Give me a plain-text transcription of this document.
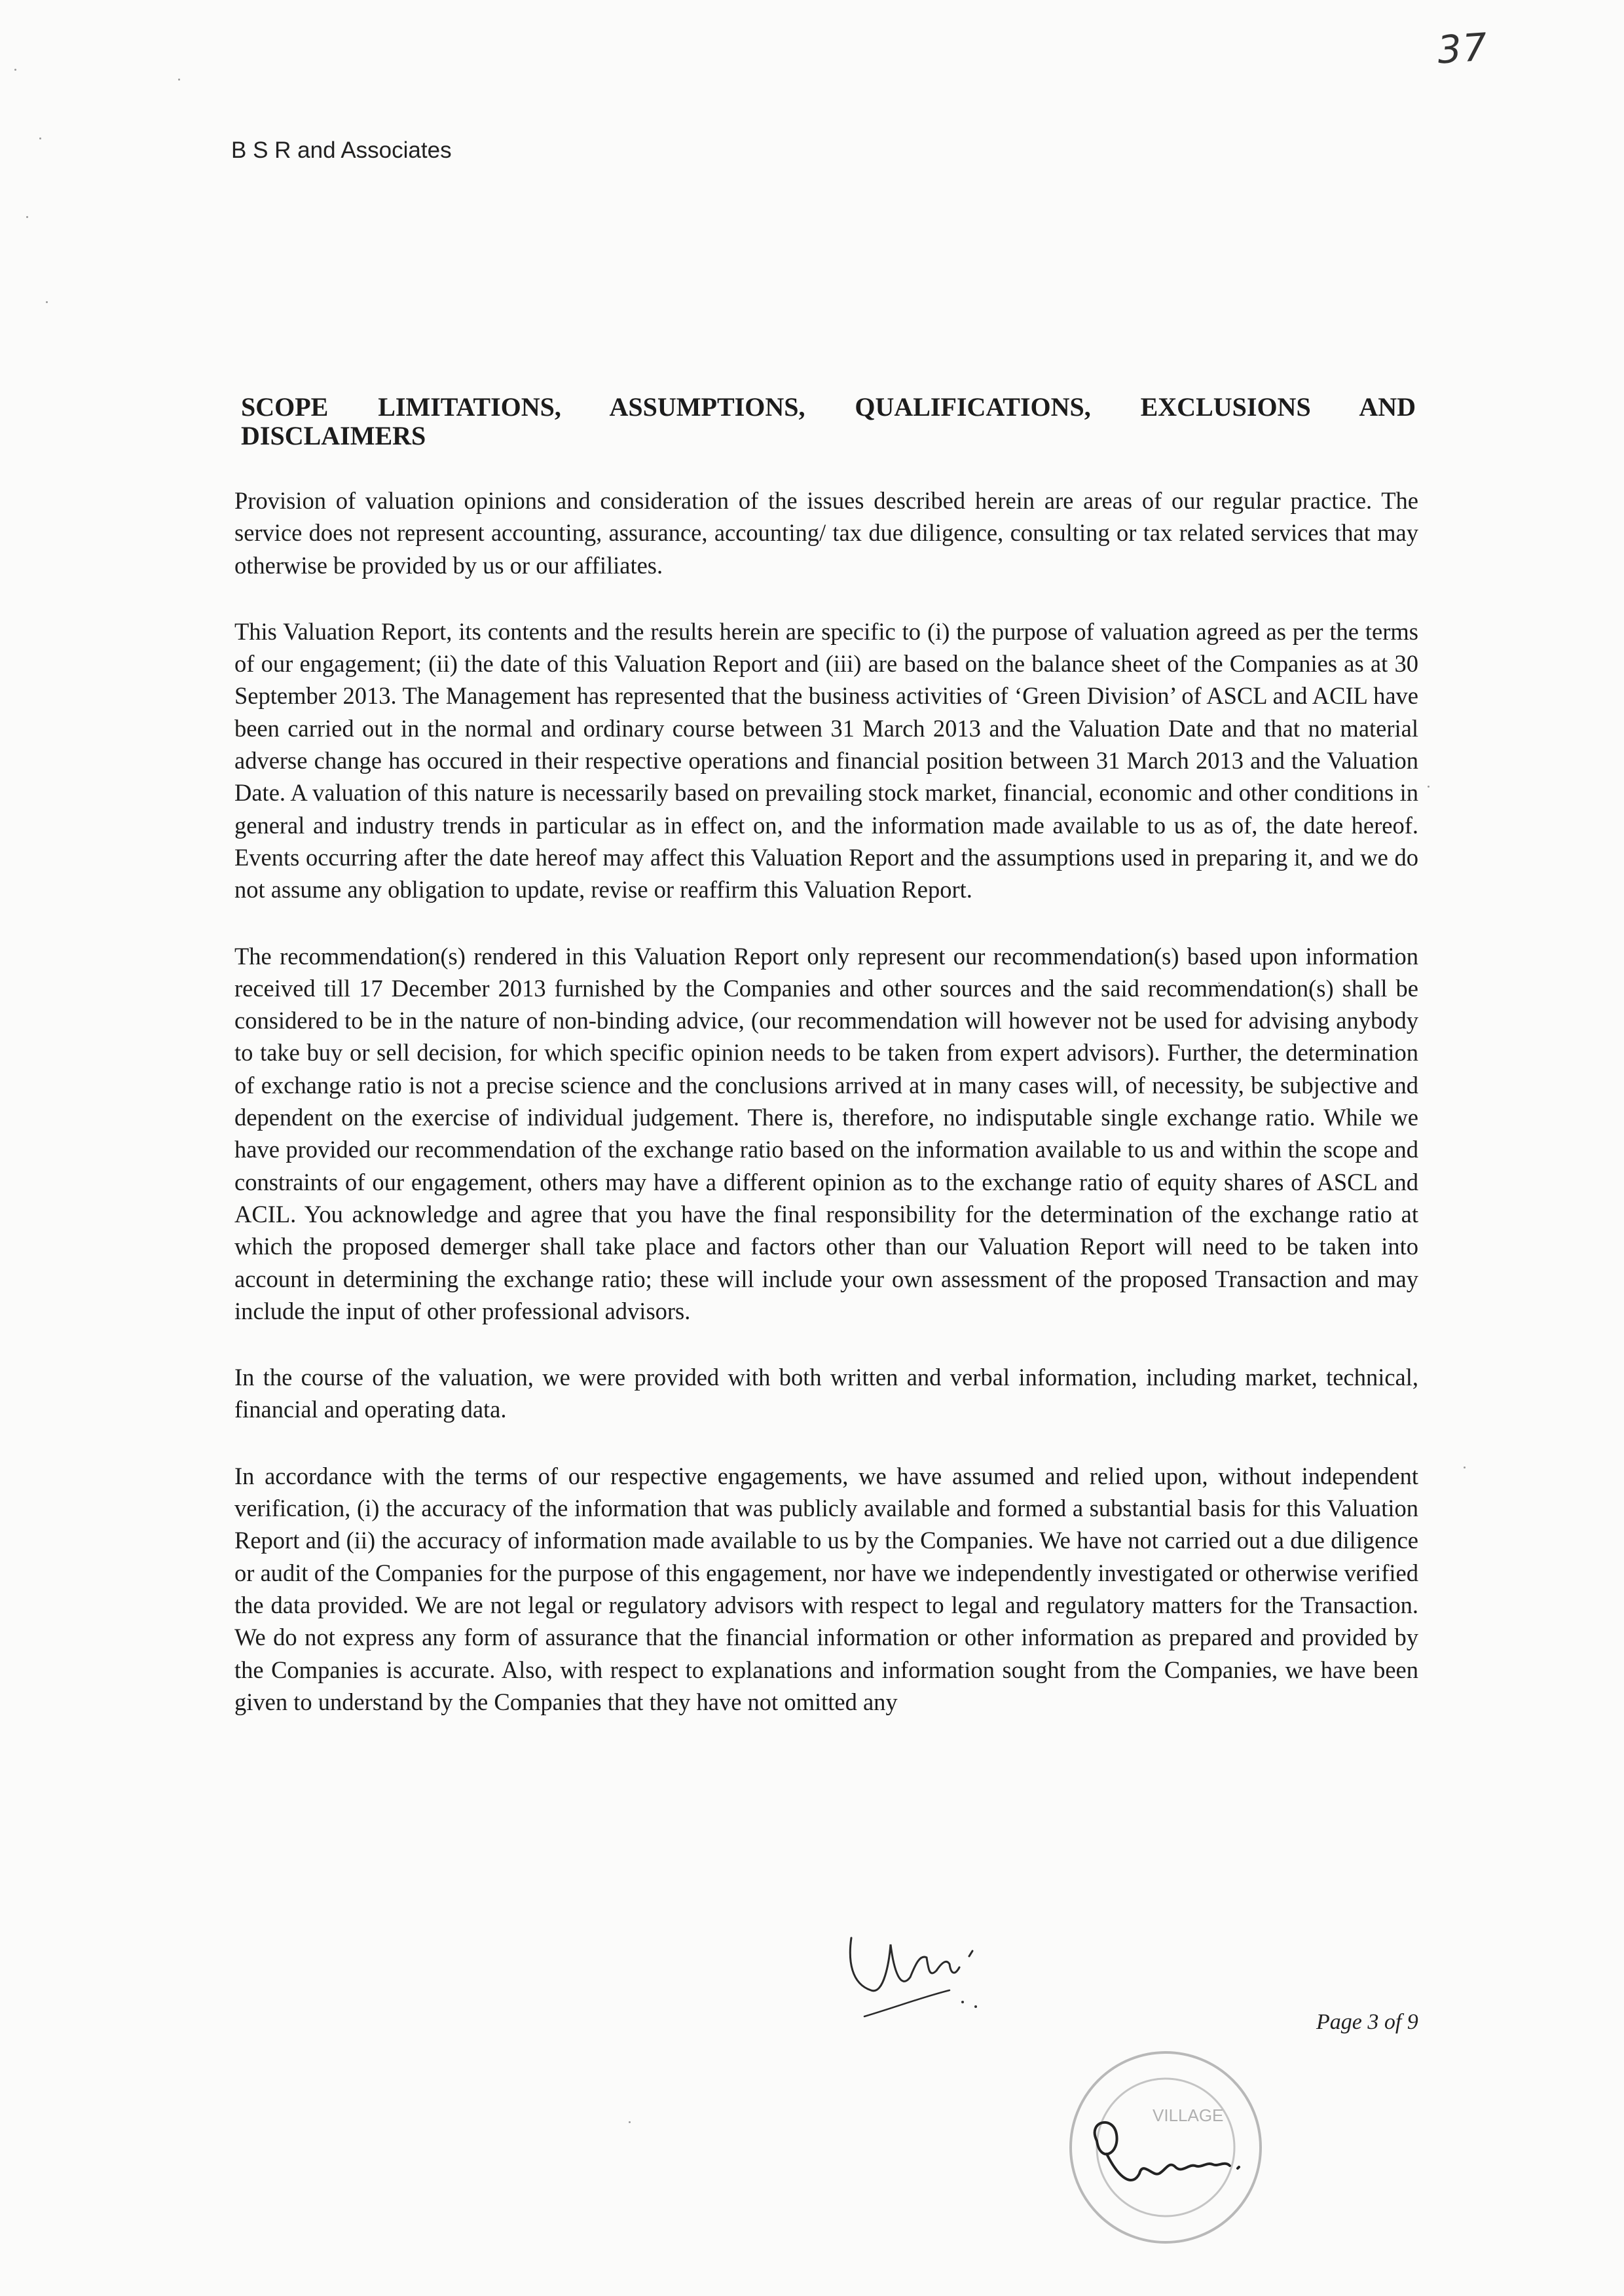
37
B S R and Associates
SCOPE LIMITATIONS, ASSUMPTIONS, QUALIFICATIONS, EXCLUSIONS AND
DISCLAIMERS

Provision of valuation opinions and consideration of the issues described herein are areas of our regular practice. The service does not represent accounting, assurance, accounting/ tax due diligence, consulting or tax related services that may otherwise be provided by us or our affiliates.

This Valuation Report, its contents and the results herein are specific to (i) the purpose of valuation agreed as per the terms of our engagement; (ii) the date of this Valuation Report and (iii) are based on the balance sheet of the Companies as at 30 September 2013. The Management has represented that the business activities of ‘Green Division’ of ASCL and ACIL have been carried out in the normal and ordinary course between 31 March 2013 and the Valuation Date and that no material adverse change has occured in their respective operations and financial position between 31 March 2013 and the Valuation Date. A valuation of this nature is necessarily based on prevailing stock market, financial, economic and other conditions in general and industry trends in particular as in effect on, and the information made available to us as of, the date hereof. Events occurring after the date hereof may affect this Valuation Report and the assumptions used in preparing it, and we do not assume any obligation to update, revise or reaffirm this Valuation Report.

The recommendation(s) rendered in this Valuation Report only represent our recommendation(s) based upon information received till 17 December 2013 furnished by the Companies and other sources and the said recommendation(s) shall be considered to be in the nature of non-binding advice, (our recommendation will however not be used for advising anybody to take buy or sell decision, for which specific opinion needs to be taken from expert advisors). Further, the determination of exchange ratio is not a precise science and the conclusions arrived at in many cases will, of necessity, be subjective and dependent on the exercise of individual judgement. There is, therefore, no indisputable single exchange ratio. While we have provided our recommendation of the exchange ratio based on the information available to us and within the scope and constraints of our engagement, others may have a different opinion as to the exchange ratio of equity shares of ASCL and ACIL. You acknowledge and agree that you have the final responsibility for the determination of the exchange ratio at which the proposed demerger shall take place and factors other than our Valuation Report will need to be taken into account in determining the exchange ratio; these will include your own assessment of the proposed Transaction and may include the input of other professional advisors.

In the course of the valuation, we were provided with both written and verbal information, including market, technical, financial and operating data.

In accordance with the terms of our respective engagements, we have assumed and relied upon, without independent verification, (i) the accuracy of the information that was publicly available and formed a substantial basis for this Valuation Report and (ii) the accuracy of information made available to us by the Companies. We have not carried out a due diligence or audit of the Companies for the purpose of this engagement, nor have we independently investigated or otherwise verified the data provided. We are not legal or regulatory advisors with respect to legal and regulatory matters for the Transaction. We do not express any form of assurance that the financial information or other information as prepared and provided by the Companies is accurate. Also, with respect to explanations and information sought from the Companies, we have been given to understand by the Companies that they have not omitted any

Page 3 of 9
VILLAGE
